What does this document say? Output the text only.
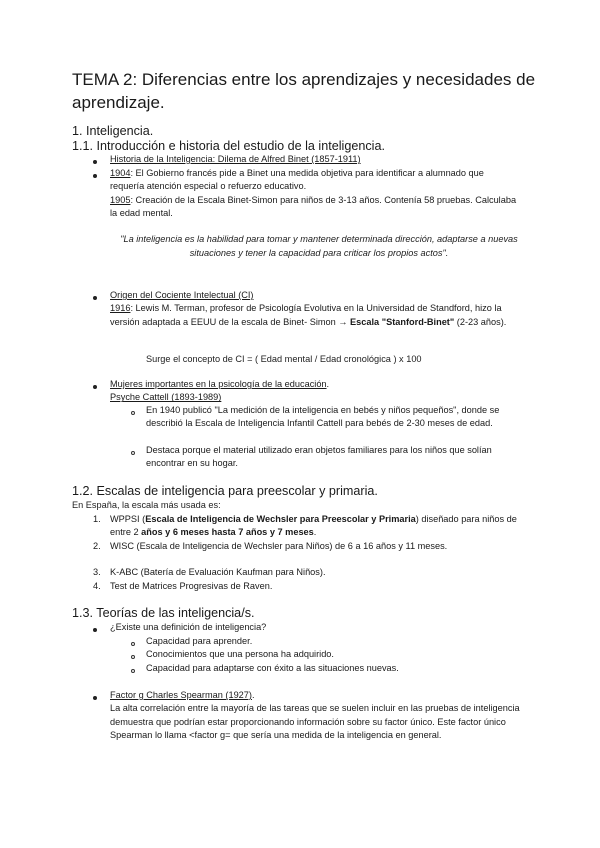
TEMA 2: Diferencias entre los aprendizajes y necesidades de aprendizaje.
1. Inteligencia.
1.1. Introducción e historia del estudio de la inteligencia.
Historia de la Inteligencia: Dilema de Alfred Binet (1857-1911)
1904: El Gobierno francés pide a Binet una medida objetiva para identificar a alumnado que requería atención especial o refuerzo educativo.
1905: Creación de la Escala Binet-Simon para niños de 3-13 años. Contenía 58 pruebas. Calculaba la edad mental.
"La inteligencia es la habilidad para tomar y mantener determinada dirección, adaptarse a nuevas situaciones y tener la capacidad para criticar los propios actos".
Origen del Cociente Intelectual (CI)
1916: Lewis M. Terman, profesor de Psicología Evolutiva en la Universidad de Standford, hizo la versión adaptada a EEUU de la escala de Binet- Simon → Escala "Stanford-Binet" (2-23 años).
Surge el concepto de CI = ( Edad mental / Edad cronológica ) x 100
Mujeres importantes en la psicología de la educación.
Psyche Cattell (1893-1989)
En 1940 publicó "La medición de la inteligencia en bebés y niños pequeños", donde se describió la Escala de Inteligencia Infantil Cattell para bebés de 2-30 meses de edad.
Destaca porque el material utilizado eran objetos familiares para los niños que solían encontrar en su hogar.
1.2. Escalas de inteligencia para preescolar y primaria.
En España, la escala más usada es:
1. WPPSI (Escala de Inteligencia de Wechsler para Preescolar y Primaria) diseñado para niños de entre 2 años y 6 meses hasta 7 años y 7 meses.
2. WISC (Escala de Inteligencia de Wechsler para Niños) de 6 a 16 años y 11 meses.
3. K-ABC (Batería de Evaluación Kaufman para Niños).
4. Test de Matrices Progresivas de Raven.
1.3. Teorías de las inteligencia/s.
¿Existe una definición de inteligencia?
Capacidad para aprender.
Conocimientos que una persona ha adquirido.
Capacidad para adaptarse con éxito a las situaciones nuevas.
Factor g Charles Spearman (1927).
La alta correlación entre la mayoría de las tareas que se suelen incluir en las pruebas de inteligencia demuestra que podrían estar proporcionando información sobre su factor único. Este factor único Spearman lo llama <factor g= que sería una medida de la inteligencia en general.
